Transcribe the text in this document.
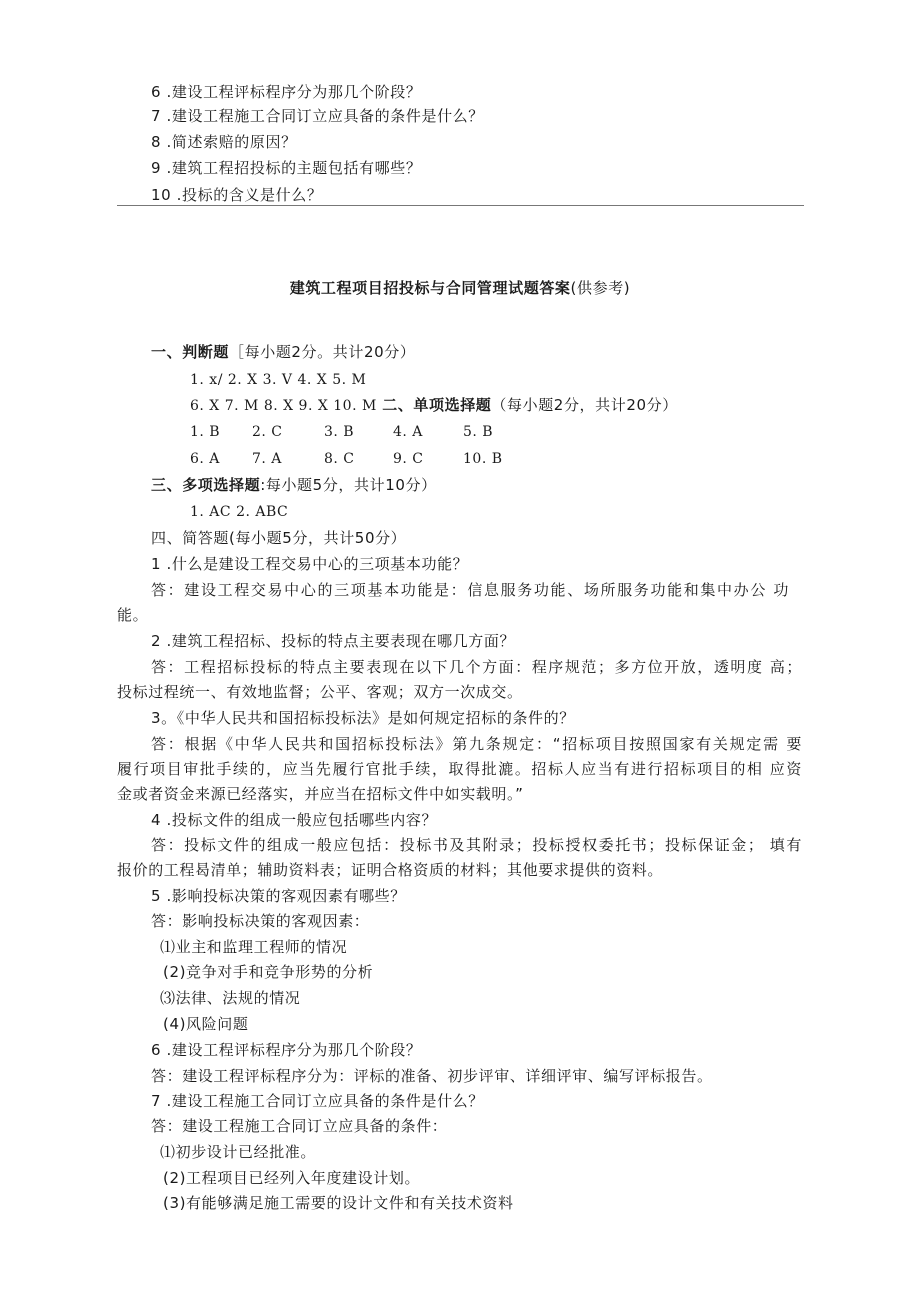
6 .建设工程评标程序分为那几个阶段？
7 .建设工程施工合同订立应具备的条件是什么？
8 .简述索赔的原因？
9 .建筑工程招投标的主题包括有哪些？
10 .投标的含义是什么？
建筑工程项目招投标与合同管理试题答案(供参考)
一、判断题［每小题2分。共计20分）
1. x/ 2. X 3. V 4. X 5. M
6. X 7. M 8. X 9. X 10. M 二、单项选择题（每小题2分，共计20分）
1. B 2. C	3. B	4. A	5. B
6. A 7. A	8. C	9. C	10. B
三、多项选择题:每小题5分，共计10分）
1. AC 2. ABC
四、简答题(每小题5分，共计50分）
1 .什么是建设工程交易中心的三项基本功能？
答：建设工程交易中心的三项基本功能是：信息服务功能、场所服务功能和集中办公 功
能。
2 .建筑工程招标、投标的特点主要表现在哪几方面？
答：工程招标投标的特点主要表现在以下几个方面：程序规范；多方位开放，透明度 高；
投标过程统一、有效地监督；公平、客观；双方一次成交。
3。《中华人民共和国招标投标法》是如何规定招标的条件的？
答：根据《中华人民共和国招标投标法》第九条规定：“招标项目按照国家有关规定需 要
履行项目审批手续的，应当先履行官批手续，取得批漉。招标人应当有进行招标项目的相 应资
金或者资金来源已经落实，并应当在招标文件中如实载明。”
4 .投标文件的组成一般应包括哪些内容？
答：投标文件的组成一般应包括：投标书及其附录；投标授权委托书；投标保证金； 填有
报价的工程曷清单；辅助资料表；证明合格资质的材料；其他要求提供的资料。
5 .影响投标决策的客观因素有哪些？
答：影响投标决策的客观因素：
⑴业主和监理工程师的情况
(2)竞争对手和竞争形势的分析
⑶法律、法规的情况
(4)风险问题
6 .建设工程评标程序分为那几个阶段？
答：建设工程评标程序分为：评标的准备、初步评审、详细评审、编写评标报告。
7 .建设工程施工合同订立应具备的条件是什么？
答：建设工程施工合同订立应具备的条件：
⑴初步设计已经批准。
(2)工程项目已经列入年度建设计划。
(3)有能够满足施工需要的设计文件和有关技术资料
